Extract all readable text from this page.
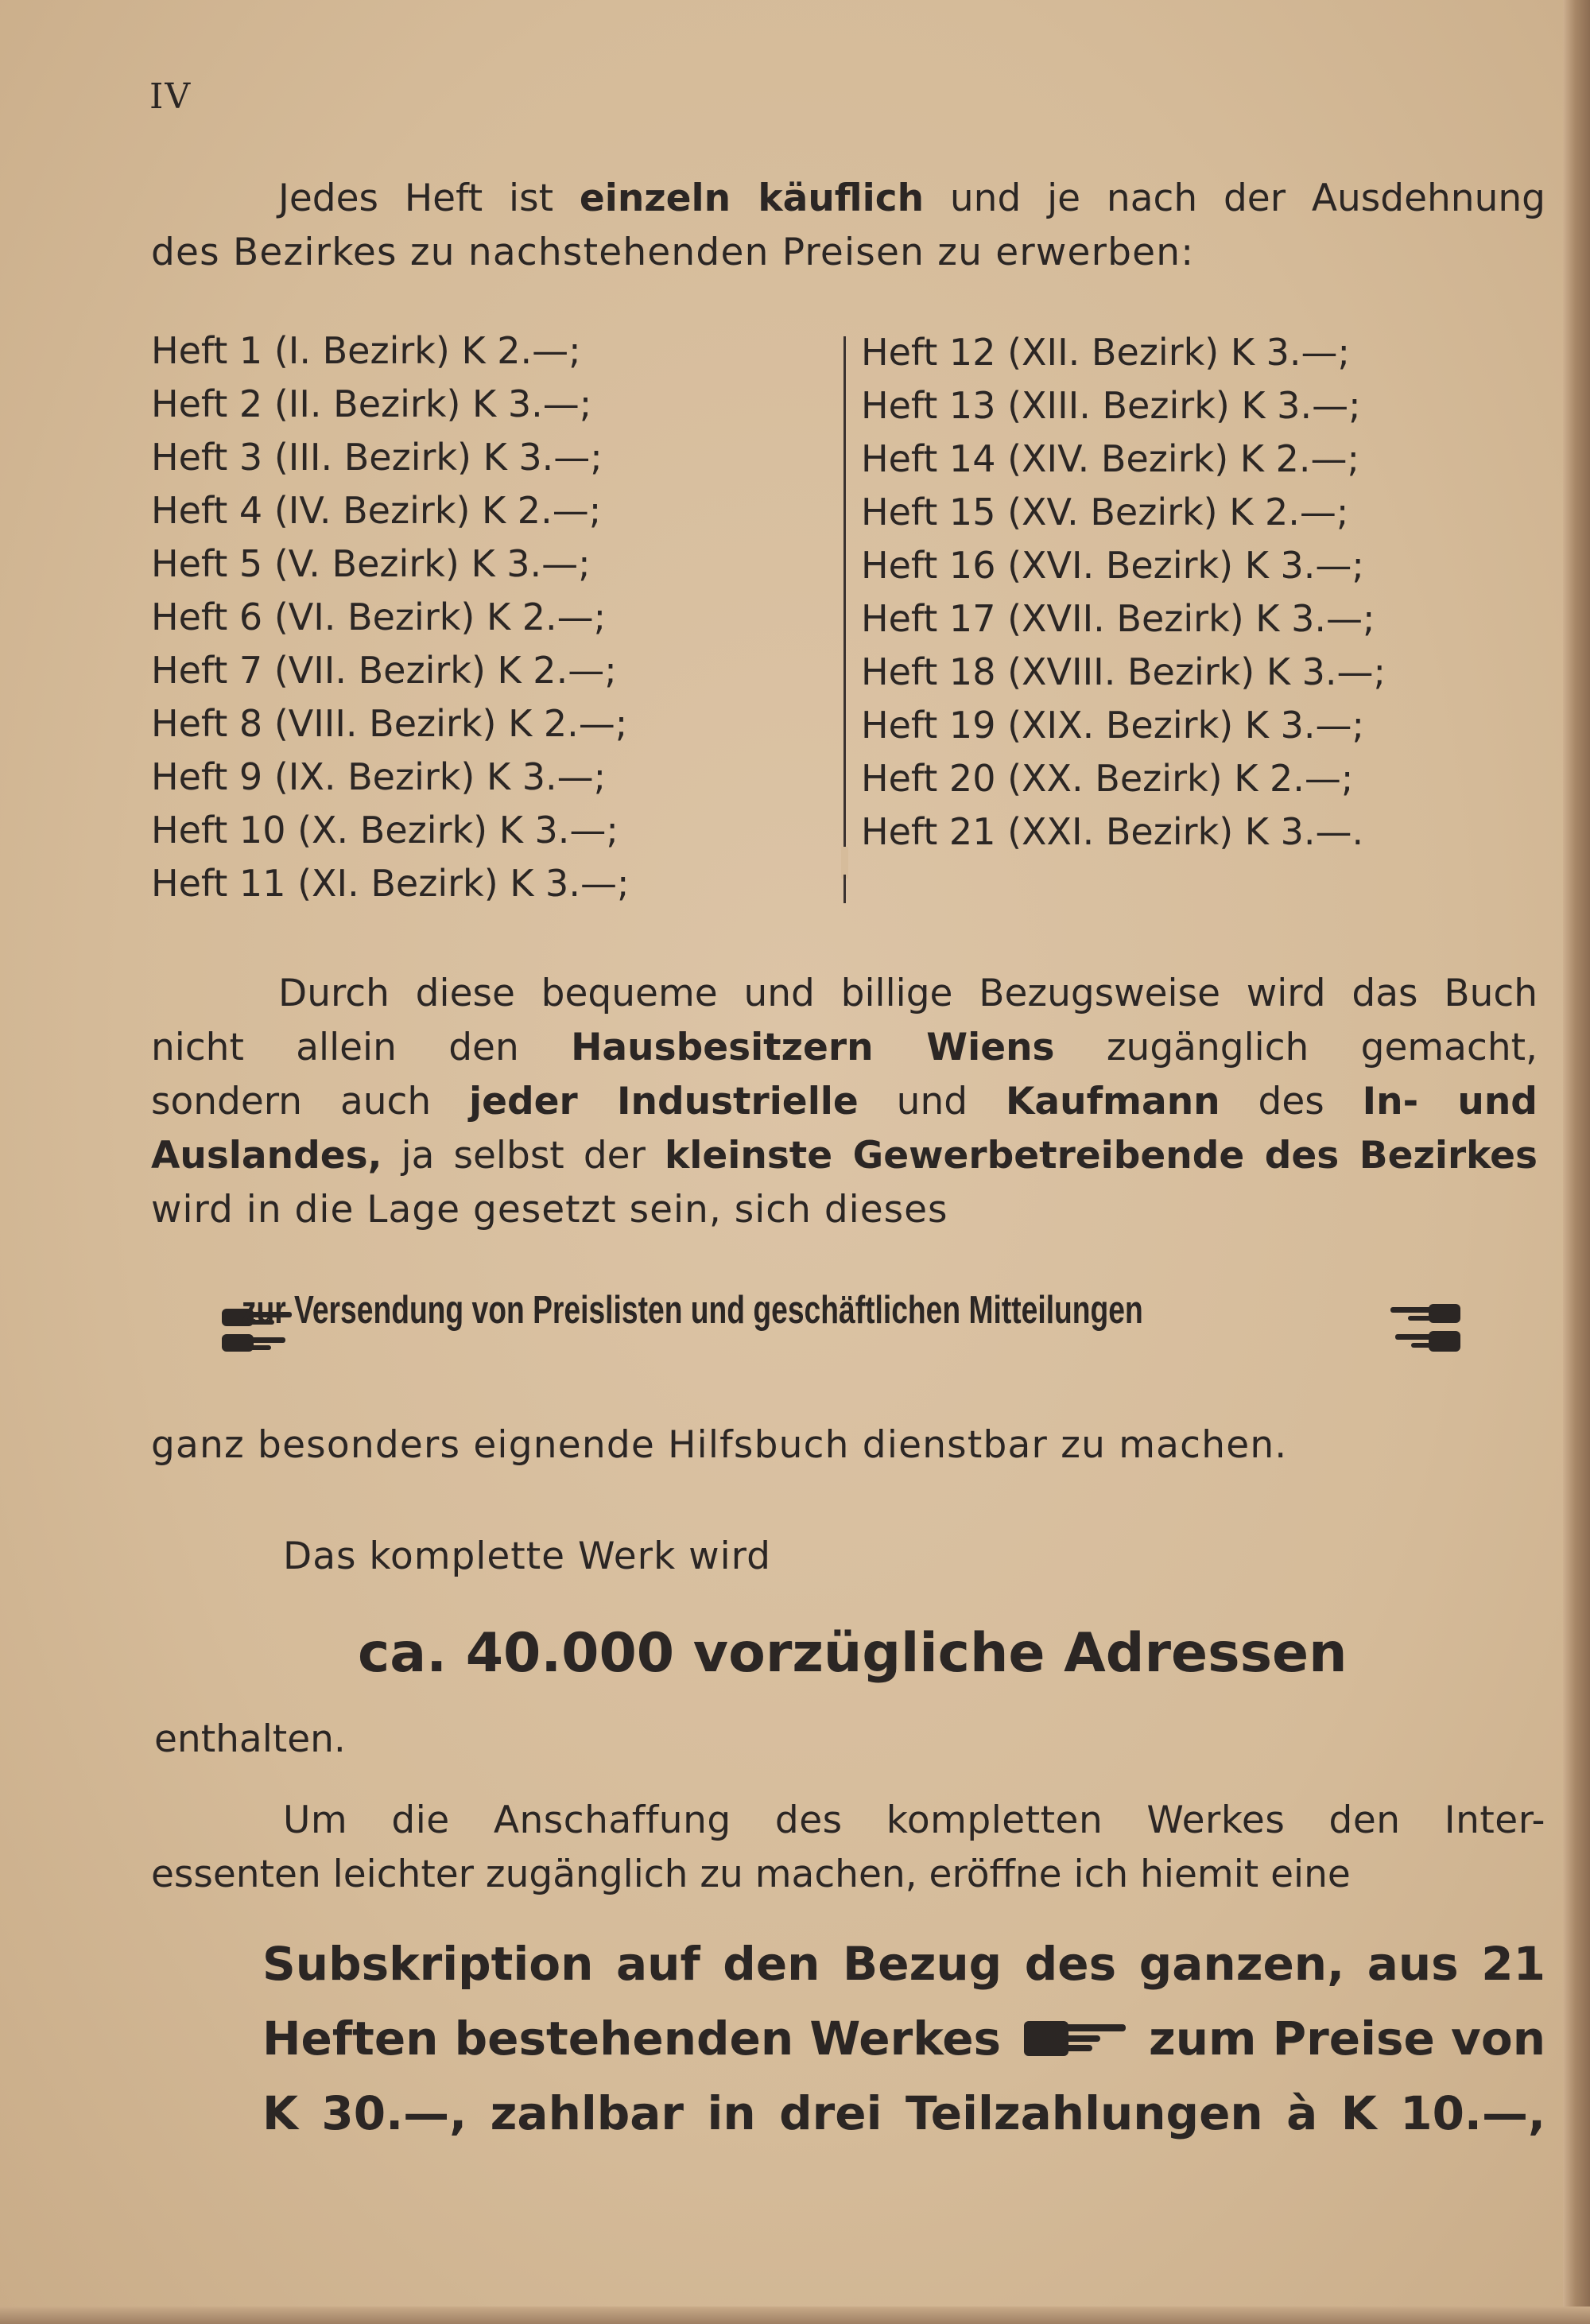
IV
Jedes Heft ist einzeln käuflich und je nach der Ausdehnung
des Bezirkes zu nachstehenden Preisen zu erwerben:
Heft 1 (I. Bezirk) K 2.—;
Heft 2 (II. Bezirk) K 3.—;
Heft 3 (III. Bezirk) K 3.—;
Heft 4 (IV. Bezirk) K 2.—;
Heft 5 (V. Bezirk) K 3.—;
Heft 6 (VI. Bezirk) K 2.—;
Heft 7 (VII. Bezirk) K 2.—;
Heft 8 (VIII. Bezirk) K 2.—;
Heft 9 (IX. Bezirk) K 3.—;
Heft 10 (X. Bezirk) K 3.—;
Heft 11 (XI. Bezirk) K 3.—;
Heft 12 (XII. Bezirk) K 3.—;
Heft 13 (XIII. Bezirk) K 3.—;
Heft 14 (XIV. Bezirk) K 2.—;
Heft 15 (XV. Bezirk) K 2.—;
Heft 16 (XVI. Bezirk) K 3.—;
Heft 17 (XVII. Bezirk) K 3.—;
Heft 18 (XVIII. Bezirk) K 3.—;
Heft 19 (XIX. Bezirk) K 3.—;
Heft 20 (XX. Bezirk) K 2.—;
Heft 21 (XXI. Bezirk) K 3.—.
Durch diese bequeme und billige Bezugsweise wird das Buch
nicht allein den Hausbesitzern Wiens zugänglich gemacht,
sondern auch jeder Industrielle und Kaufmann des In- und
Auslandes, ja selbst der kleinste Gewerbetreibende des Bezirkes
wird in die Lage gesetzt sein, sich dieses
zur Versendung von Preislisten und geschäftlichen Mitteilungen
ganz besonders eignende Hilfsbuch dienstbar zu machen.
Das komplette Werk wird
ca. 40.000 vorzügliche Adressen
enthalten.
Um die Anschaffung des kompletten Werkes den Inter-
essenten leichter zugänglich zu machen, eröffne ich hiemit eine
Subskription auf den Bezug des ganzen, aus 21
Heften bestehenden Werkes	zum Preise von
K 30.—, zahlbar in drei Teilzahlungen à K 10.—,
